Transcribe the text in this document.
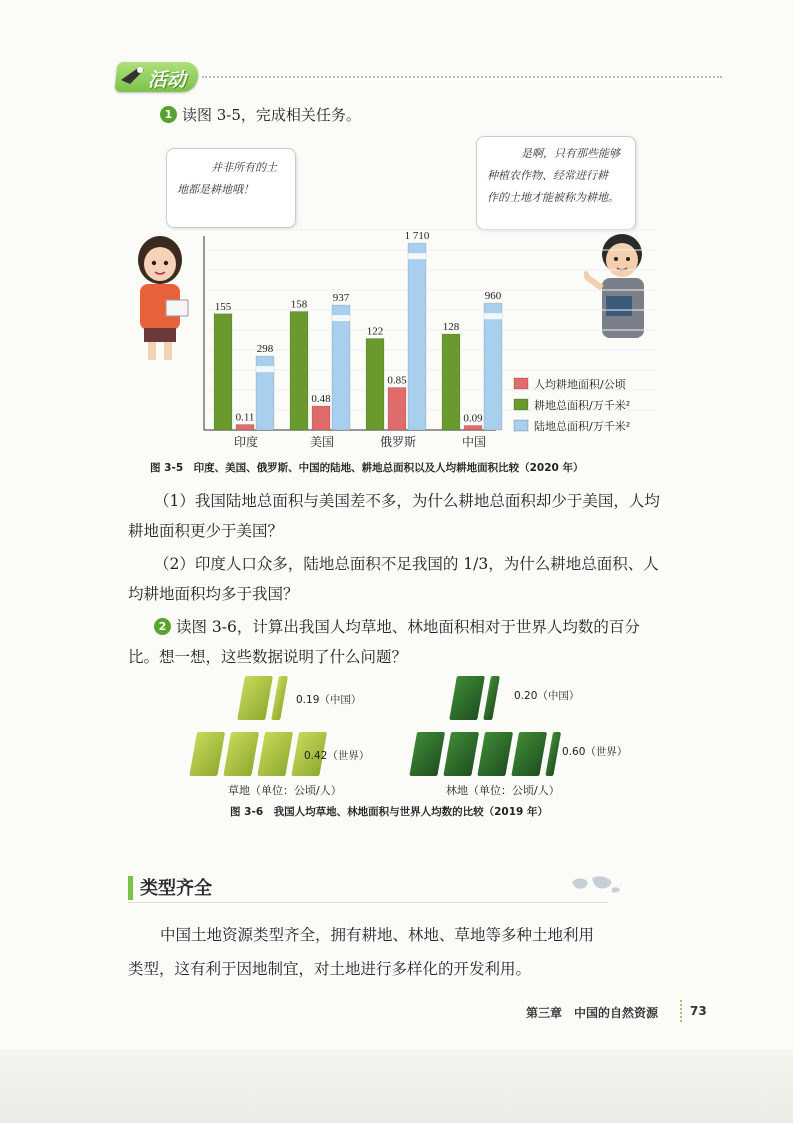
活动
1 读图 3-5，完成相关任务。
并非所有的土
地都是耕地哦！
是啊，只有那些能够
种植农作物、经常进行耕
作的土地才能被称为耕地。
155
0.11
298
印度
158
0.48
937
美国
122
0.85
1 710
俄罗斯
128
0.09
960
中国
人均耕地面积/公顷
耕地总面积/万千米²
陆地总面积/万千米²
图 3-5　印度、美国、俄罗斯、中国的陆地、耕地总面积以及人均耕地面积比较（2020 年）
（1）我国陆地总面积与美国差不多，为什么耕地总面积却少于美国，人均
耕地面积更少于美国？
（2）印度人口众多，陆地总面积不足我国的 1/3，为什么耕地总面积、人
均耕地面积均多于我国？
2 读图 3-6，计算出我国人均草地、林地面积相对于世界人均数的百分
比。想一想，这些数据说明了什么问题？
0.19（中国）
0.42（世界）
草地（单位：公顷/人）
0.20（中国）
0.60（世界）
林地（单位：公顷/人）
图 3-6　我国人均草地、林地面积与世界人均数的比较（2019 年）
类型齐全
中国土地资源类型齐全，拥有耕地、林地、草地等多种土地利用
类型，这有利于因地制宜，对土地进行多样化的开发利用。
第三章　中国的自然资源	73
